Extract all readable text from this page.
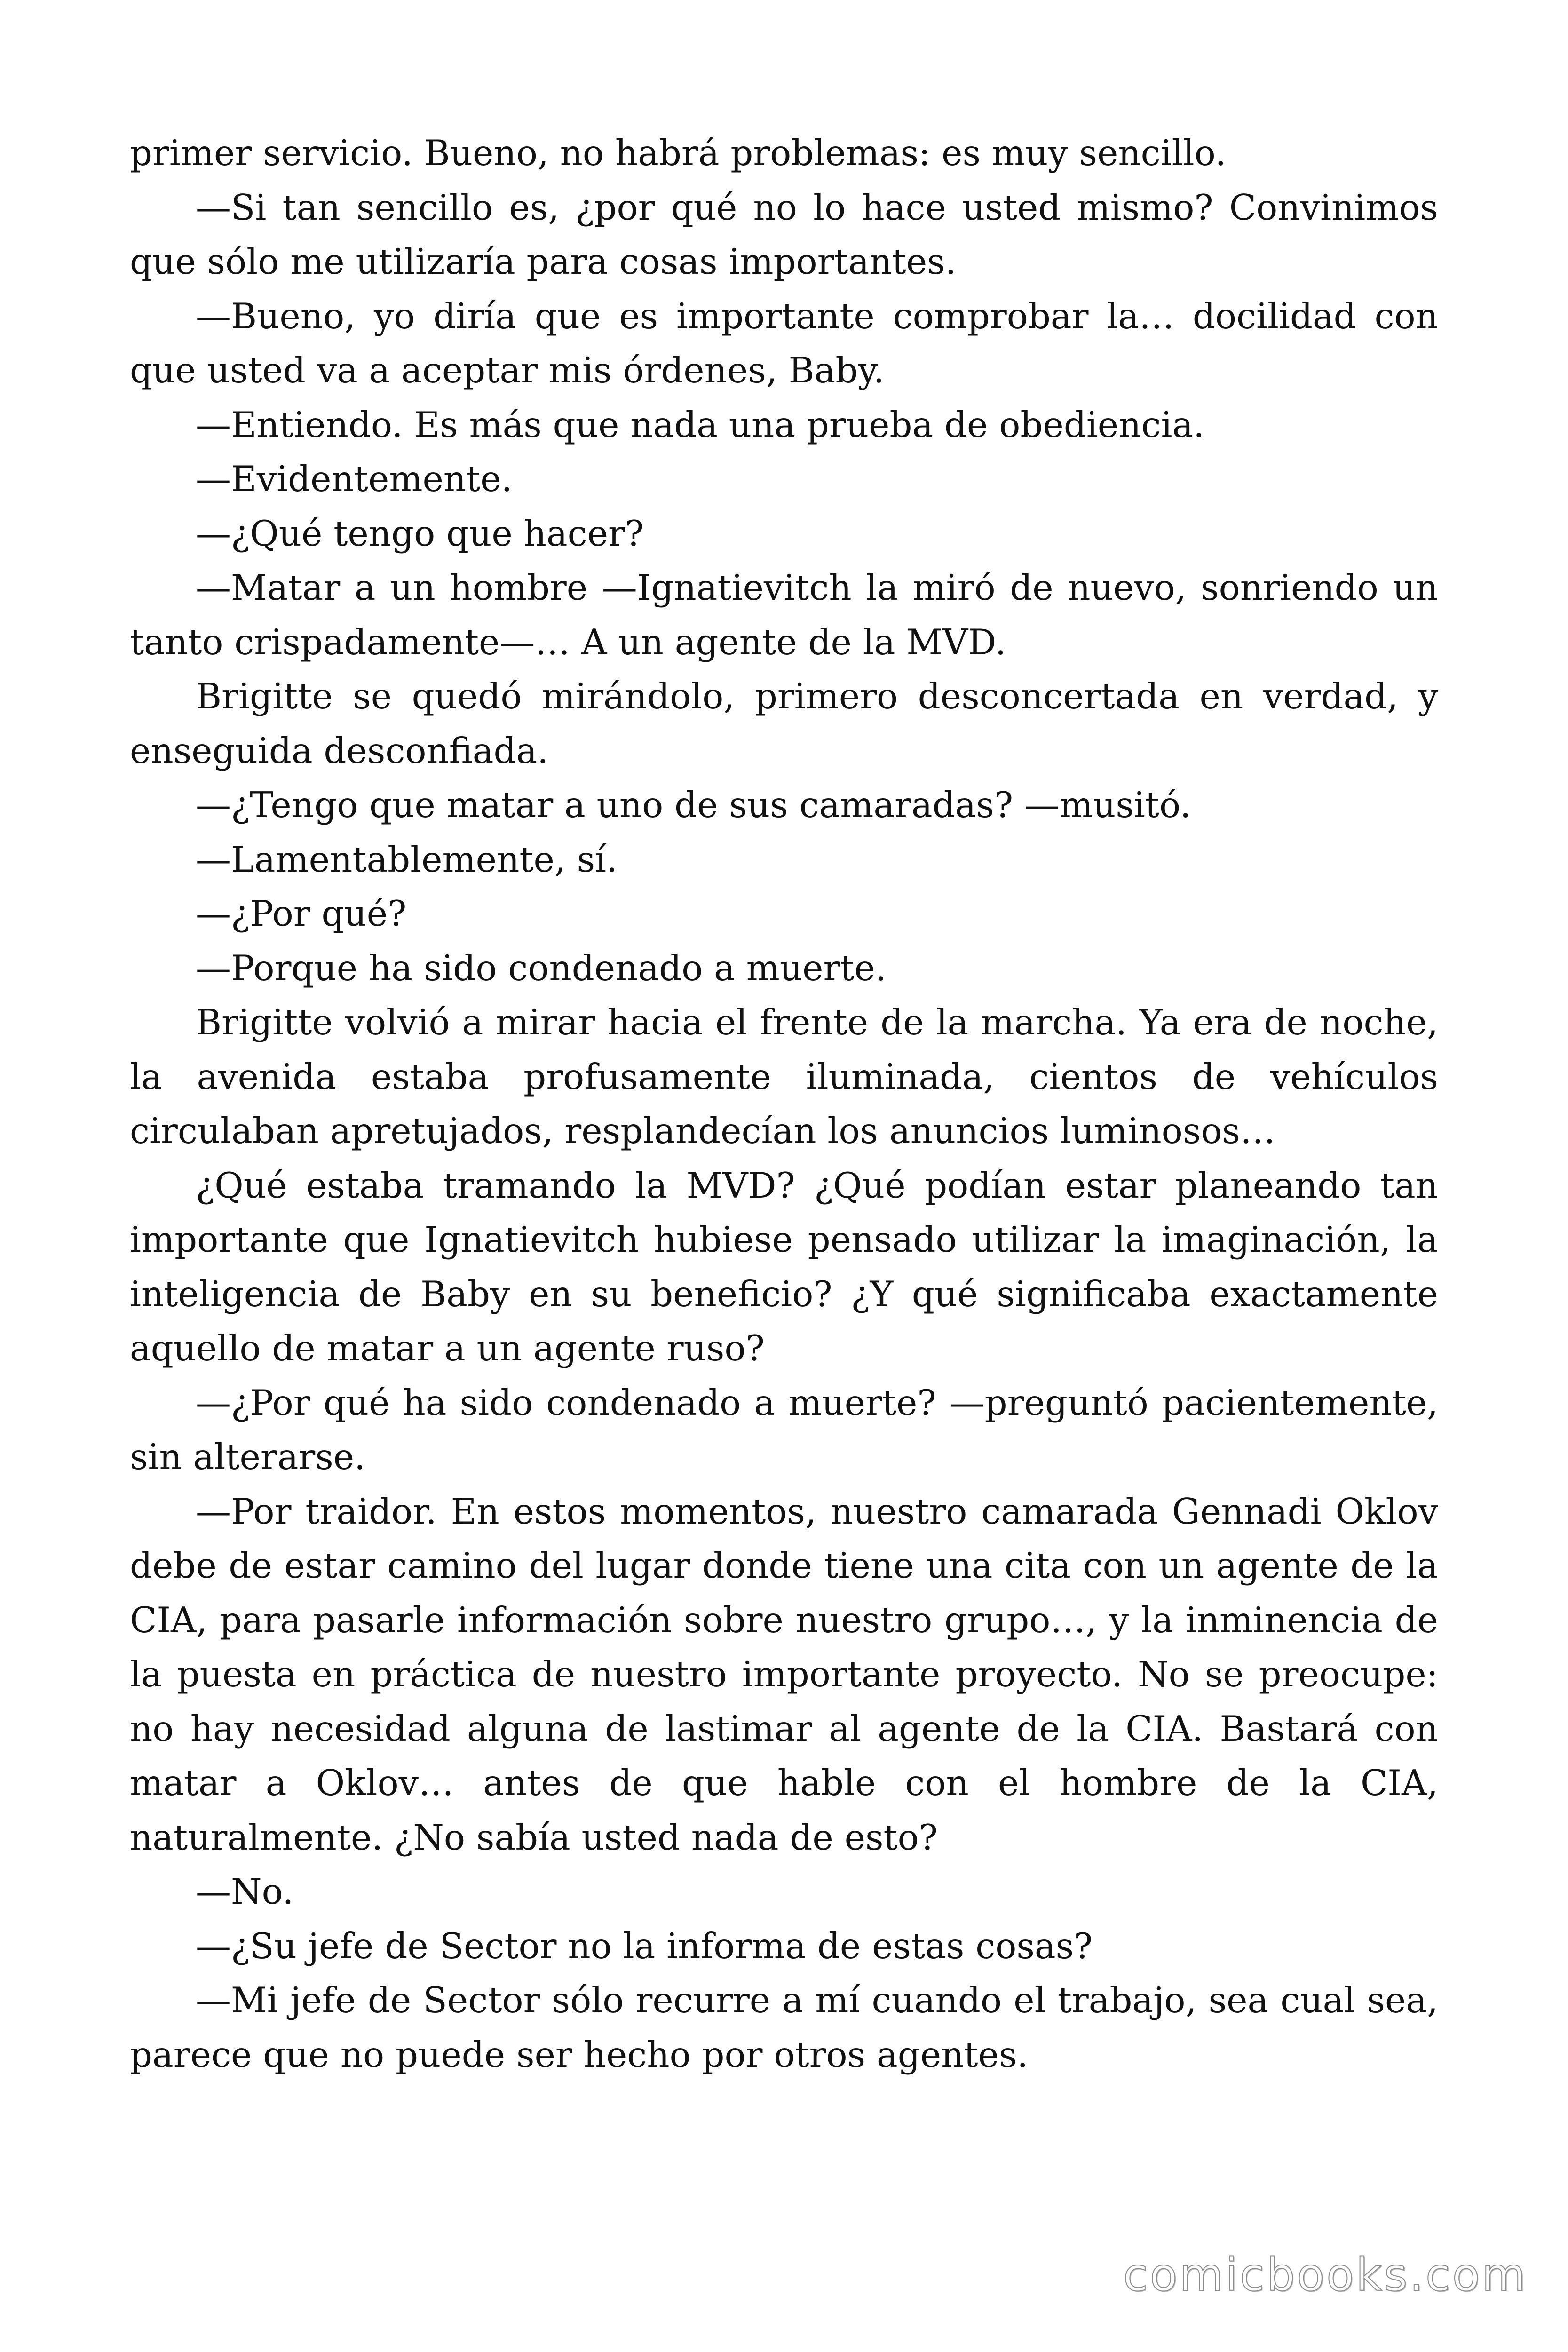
primer servicio. Bueno, no habrá problemas: es muy sencillo.

—Si tan sencillo es, ¿por qué no lo hace usted mismo? Convinimos que sólo me utilizaría para cosas importantes.

—Bueno, yo diría que es importante comprobar la… docilidad con que usted va a aceptar mis órdenes, Baby.

—Entiendo. Es más que nada una prueba de obediencia.

—Evidentemente.

—¿Qué tengo que hacer?

—Matar a un hombre —Ignatievitch la miró de nuevo, sonriendo un tanto crispadamente—… A un agente de la MVD.

Brigitte se quedó mirándolo, primero desconcertada en verdad, y enseguida desconfiada.

—¿Tengo que matar a uno de sus camaradas? —musitó.

—Lamentablemente, sí.

—¿Por qué?

—Porque ha sido condenado a muerte.

Brigitte volvió a mirar hacia el frente de la marcha. Ya era de noche, la avenida estaba profusamente iluminada, cientos de vehículos circulaban apretujados, resplandecían los anuncios luminosos…

¿Qué estaba tramando la MVD? ¿Qué podían estar planeando tan importante que Ignatievitch hubiese pensado utilizar la imaginación, la inteligencia de Baby en su beneficio? ¿Y qué significaba exactamente aquello de matar a un agente ruso?

—¿Por qué ha sido condenado a muerte? —preguntó pacientemente, sin alterarse.

—Por traidor. En estos momentos, nuestro camarada Gennadi Oklov debe de estar camino del lugar donde tiene una cita con un agente de la CIA, para pasarle información sobre nuestro grupo…, y la inminencia de la puesta en práctica de nuestro importante proyecto. No se preocupe: no hay necesidad alguna de lastimar al agente de la CIA. Bastará con matar a Oklov… antes de que hable con el hombre de la CIA, naturalmente. ¿No sabía usted nada de esto?

—No.

—¿Su jefe de Sector no la informa de estas cosas?

—Mi jefe de Sector sólo recurre a mí cuando el trabajo, sea cual sea, parece que no puede ser hecho por otros agentes.

comicbooks.com
